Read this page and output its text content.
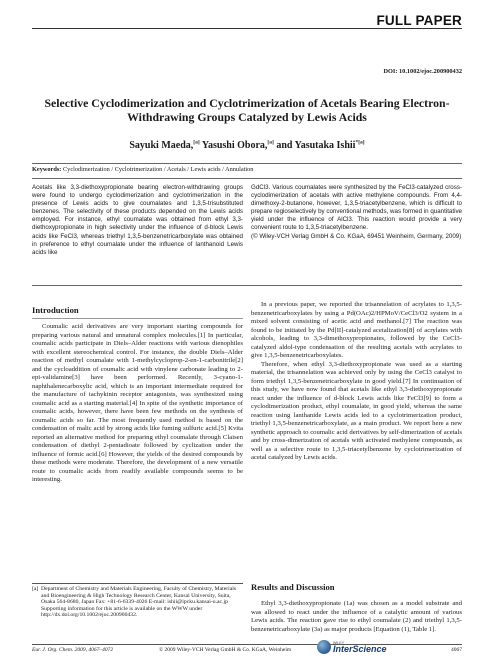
FULL PAPER
DOI: 10.1002/ejoc.200900432
Selective Cyclodimerization and Cyclotrimerization of Acetals Bearing Electron-Withdrawing Groups Catalyzed by Lewis Acids
Sayuki Maeda,[a] Yasushi Obora,[a] and Yasutaka Ishii$^{*[a]}$
Keywords: Cyclodimerization / Cyclotrimerization / Acetals / Lewis acids / Annulation
Acetals like 3,3-diethoxypropionate bearing electron-withdrawing groups were found to undergo cyclodimerization and cyclotrimerization in the presence of Lewis acids to give coumalates and 1,3,5-trisubstituted benzenes. The selectivity of these products depended on the Lewis acids employed. For instance, ethyl coumalate was obtained from ethyl 3,3-diethoxypropionate in high selectivity under the influence of d-block Lewis acids like FeCl3, whereas triethyl 1,3,5-benzenetricarboxylate was obtained in preference to ethyl coumalate under the influence of lanthanoid Lewis acids like
GdCl3. Various coumalates were synthesized by the FeCl3-catalyzed cross-cyclodimerization of acetals with active methylene compounds. From 4,4-dimethoxy-2-butanone, however, 1,3,5-triacetylbenzene, which is difficult to prepare regioselectively by conventional methods, was formed in quantitative yield under the influence of AlCl3. This reaction would provide a very convenient route to 1,3,5-triacetylbenzene.
(© Wiley-VCH Verlag GmbH & Co. KGaA, 69451 Weinheim, Germany, 2009)
Introduction

Coumalic acid derivatives are very important starting compounds for preparing various natural and unnatural complex molecules.[1] In particular, coumalic acids participate in Diels–Alder reactions with various dienophiles with excellent stereochemical control. For instance, the double Diels–Alder reaction of methyl coumalate with 1-methylcycloprop-2-en-1-carbonitrile[2] and the cycloaddition of coumalic acid with vinylene carbonate leading to 2-epi-validamine[3] have been performed. Recently, 3-cyano-1-naphthalenecarboxylic acid, which is an important intermediate required for the manufacture of tachykinin receptor antagonists, was synthesized using coumalic acid as a starting material.[4] In spite of the synthetic importance of coumalic acids, however, there have been few methods on the synthesis of coumalic acids so far. The most frequently used method is based on the condensation of malic acid by strong acids like fuming sulfuric acid.[5] Kvita reported an alternative method for preparing ethyl coumalate through Claisen condensation of diethyl 2-pentadioate followed by cyclization under the influence of formic acid.[6] However, the yields of the desired compounds by these methods were moderate. Therefore, the development of a new versatile route to coumalic acids from readily available compounds seems to be interesting.

In a previous paper, we reported the trisannelation of acrylates to 1,3,5-benzenetricarboxylates by using a Pd(OAc)2/HPMoV/CeCl3/O2 system in a mixed solvent consisting of acetic acid and methanol.[7] The reaction was found to be initiated by the Pd[II]-catalyzed acetalization[8] of acrylates with alcohols, leading to 3,3-dimethoxypropionates, followed by the CeCl3-catalyzed aldol-type condensation of the resulting acetals with acrylates to give 1,3,5-benzenetricarboxylates.

Therefore, when ethyl 3,3-diethoxypropionate was used as a starting material, the trisannelation was achieved only by using the CeCl3 catalyst to form triethyl 1,3,5-benzenetricarboxylate in good yield.[7] In continuation of this study, we have now found that acetals like ethyl 3,3-diethoxypropionate react under the influence of d-block Lewis acids like FeCl3[9] to form a cyclodimerization product, ethyl coumalate, in good yield, whereas the same reaction using lanthanide Lewis acids led to a cyclotrimerization product, triethyl 1,3,5-benzenetricarboxylate, as a main product. We report here a new synthetic approach to coumalic acid derivatives by self-dimerization of acetals and by cross-dimerization of acetals with activated methylene compounds, as well as a selective route to 1,3,5-triacetylbenzene by cyclotrimerization of acetal catalyzed by Lewis acids.

Results and Discussion

Ethyl 3,3-diethoxypropionate (1a) was chosen as a model substrate and was allowed to react under the influence of a catalytic amount of various Lewis acids. The reaction gave rise to ethyl coumalate (2) and triethyl 1,3,5-benzenetricarboxylate (3a) as major products [Equation (1), Table 1].

[a] Department of Chemistry and Materials Engineering, Faculty of Chemistry, Materials and Bioengineering & High Technology Research Center, Kansai University, Suita, Osaka 564-8680, Japan Fax: +81-6-6339-4026 E-mail: ishii@ipcku.kansai-u.ac.jp

Supporting information for this article is available on the WWW under http://dx.doi.org/10.1002/ejoc.200900432.
Eur. J. Org. Chem. 2009, 4067–4072	© 2009 Wiley-VCH Verlag GmbH & Co. KGaA, Weinheim
WILEY
InterScience	4067
